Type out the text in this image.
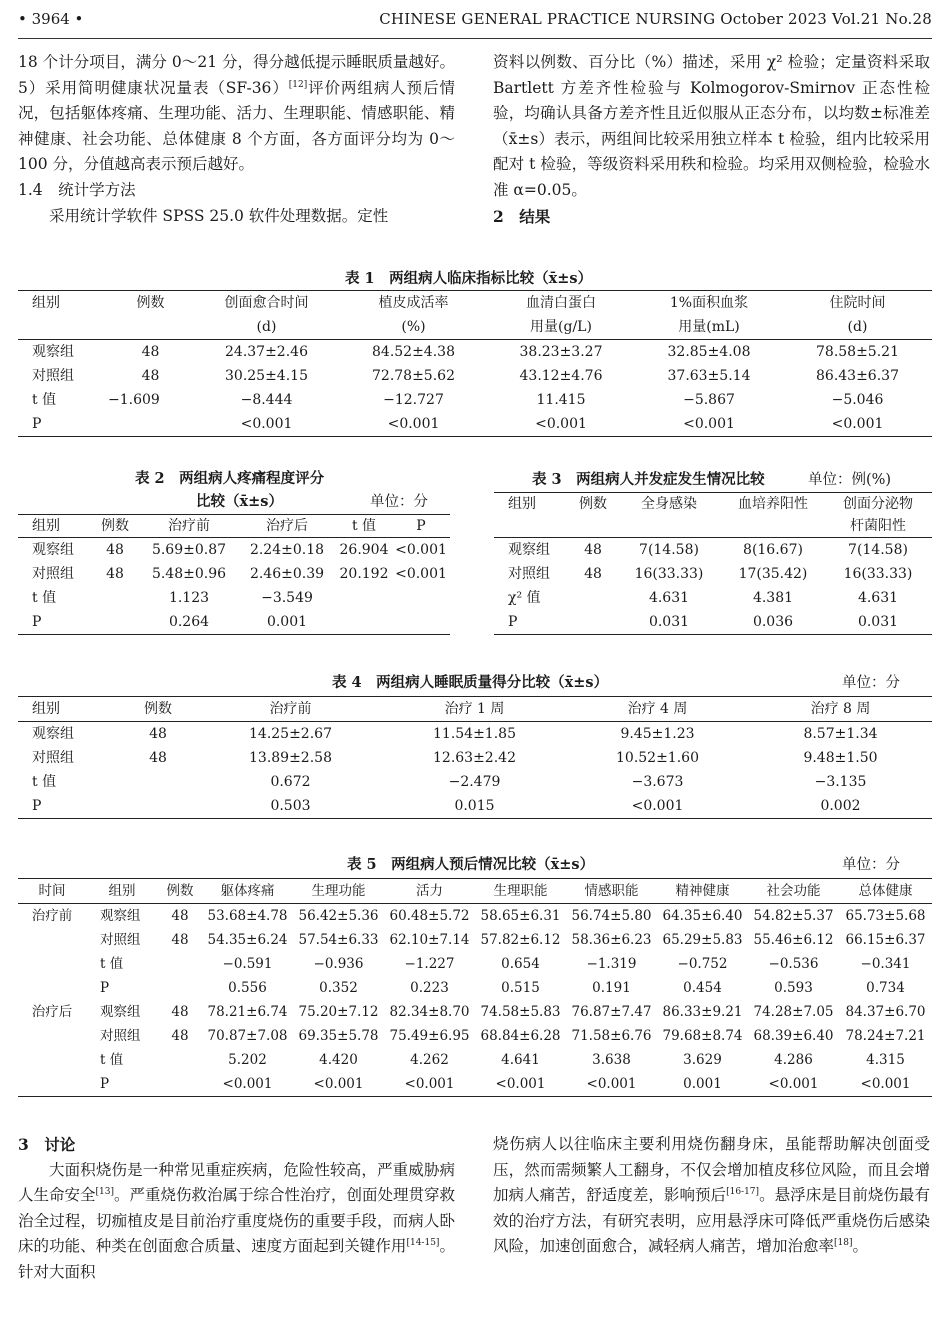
• 3964 •	CHINESE GENERAL PRACTICE NURSING October 2023 Vol.21 No.28

18 个计分项目，满分 0～21 分，得分越低提示睡眠质量越好。5）采用简明健康状况量表（SF-36）[12]评价两组病人预后情况，包括躯体疼痛、生理功能、活力、生理职能、情感职能、精神健康、社会功能、总体健康 8 个方面，各方面评分均为 0～100 分，分值越高表示预后越好。

1.4　统计学方法

采用统计学软件 SPSS 25.0 软件处理数据。定性

资料以例数、百分比（%）描述，采用 χ² 检验；定量资料采取 Bartlett 方差齐性检验与 Kolmogorov-Smirnov 正态性检验，均确认具备方差齐性且近似服从正态分布，以均数±标准差（x̄±s）表示，两组间比较采用独立样本 t 检验，组内比较采用配对 t 检验，等级资料采用秩和检验。均采用双侧检验，检验水准 α=0.05。

2　结果

表 1　两组病人临床指标比较（x̄±s）
组别	例数	创面愈合时间	植皮成活率	血清白蛋白	1%面积血浆	住院时间
		(d)	(%)	用量(g/L)	用量(mL)	(d)
观察组	48	24.37±2.46	84.52±4.38	38.23±3.27	32.85±4.08	78.58±5.21
对照组	48	30.25±4.15	72.78±5.62	43.12±4.76	37.63±5.14	86.43±6.37
t 值	−1.609	−8.444	−12.727	11.415	−5.867	−5.046
P		<0.001	<0.001	<0.001	<0.001	<0.001
表 2　两组病人疼痛程度评分
比较（x̄±s）	单位：分
组别	例数	治疗前	治疗后	t 值	P
观察组	48	5.69±0.87	2.24±0.18	26.904	<0.001
对照组	48	5.48±0.96	2.46±0.39	20.192	<0.001
t 值		1.123	−3.549		
P		0.264	0.001		
表 3　两组病人并发症发生情况比较	单位：例(%)
组别	例数	全身感染	血培养阳性	创面分泌物
				杆菌阳性
观察组	48	7(14.58)	8(16.67)	7(14.58)
对照组	48	16(33.33)	17(35.42)	16(33.33)
χ² 值		4.631	4.381	4.631
P		0.031	0.036	0.031
表 4　两组病人睡眠质量得分比较（x̄±s）	单位：分
组别	例数	治疗前	治疗 1 周	治疗 4 周	治疗 8 周
观察组	48	14.25±2.67	11.54±1.85	9.45±1.23	8.57±1.34
对照组	48	13.89±2.58	12.63±2.42	10.52±1.60	9.48±1.50
t 值		0.672	−2.479	−3.673	−3.135
P		0.503	0.015	<0.001	0.002
表 5　两组病人预后情况比较（x̄±s）	单位：分
时间	组别	例数	躯体疼痛	生理功能	活力	生理职能	情感职能	精神健康	社会功能	总体健康
治疗前	观察组	48	53.68±4.78	56.42±5.36	60.48±5.72	58.65±6.31	56.74±5.80	64.35±6.40	54.82±5.37	65.73±5.68
	对照组	48	54.35±6.24	57.54±6.33	62.10±7.14	57.82±6.12	58.36±6.23	65.29±5.83	55.46±6.12	66.15±6.37
	t 值		−0.591	−0.936	−1.227	0.654	−1.319	−0.752	−0.536	−0.341
	P		0.556	0.352	0.223	0.515	0.191	0.454	0.593	0.734
治疗后	观察组	48	78.21±6.74	75.20±7.12	82.34±8.70	74.58±5.83	76.87±7.47	86.33±9.21	74.28±7.05	84.37±6.70
	对照组	48	70.87±7.08	69.35±5.78	75.49±6.95	68.84±6.28	71.58±6.76	79.68±8.74	68.39±6.40	78.24±7.21
	t 值		5.202	4.420	4.262	4.641	3.638	3.629	4.286	4.315
	P		<0.001	<0.001	<0.001	<0.001	<0.001	0.001	<0.001	<0.001

3　讨论

大面积烧伤是一种常见重症疾病，危险性较高，严重威胁病人生命安全[13]。严重烧伤救治属于综合性治疗，创面处理贯穿救治全过程，切痂植皮是目前治疗重度烧伤的重要手段，而病人卧床的功能、种类在创面愈合质量、速度方面起到关键作用[14-15]。针对大面积

烧伤病人以往临床主要利用烧伤翻身床，虽能帮助解决创面受压，然而需频繁人工翻身，不仅会增加植皮移位风险，而且会增加病人痛苦，舒适度差，影响预后[16-17]。悬浮床是目前烧伤最有效的治疗方法，有研究表明，应用悬浮床可降低严重烧伤后感染风险，加速创面愈合，减轻病人痛苦，增加治愈率[18]。
